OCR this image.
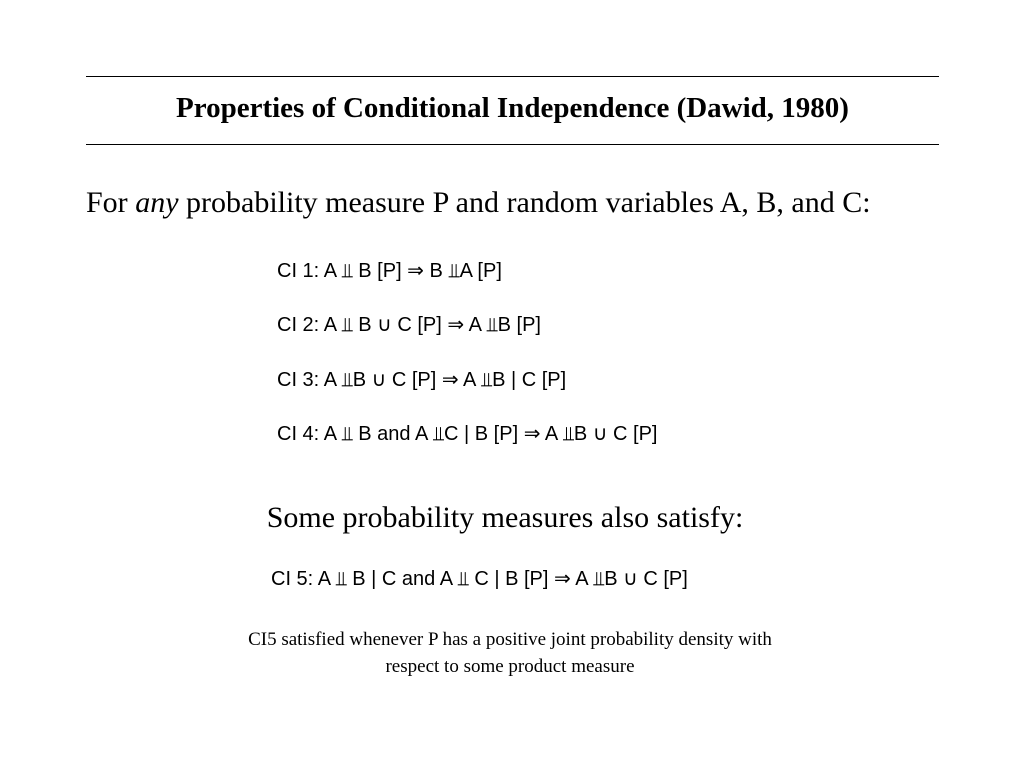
Properties of Conditional Independence (Dawid, 1980)
For any probability measure P and random variables A, B, and C:
CI 1: A ⫫ B [P] ⇒ B ⫫A [P]
CI 2: A ⫫ B ∪ C [P] ⇒ A ⫫B [P]
CI 3: A ⫫B ∪ C [P] ⇒ A ⫫B | C [P]
CI 4: A ⫫ B and A ⫫C | B [P] ⇒ A ⫫B ∪ C [P]
Some probability measures also satisfy:
CI 5: A ⫫ B | C and A ⫫ C | B [P] ⇒ A ⫫B ∪ C [P]
CI5 satisfied whenever P has a positive joint probability density with
respect to some product measure
